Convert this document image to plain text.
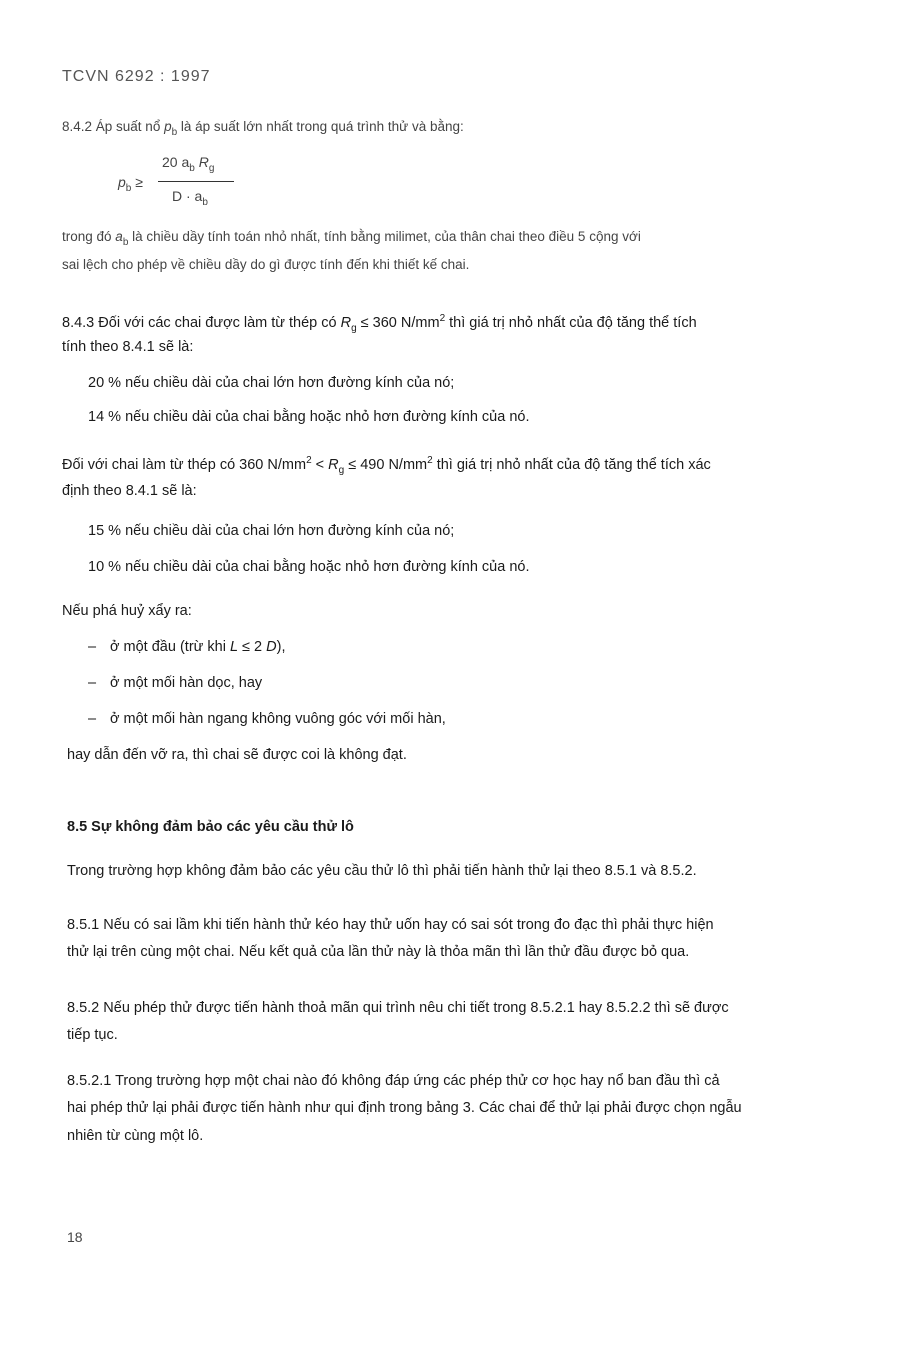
TCVN 6292 : 1997
8.4.2 Áp suất nổ $p_b$ là áp suất lớn nhất trong quá trình thử và bằng:
$p_b$ ≥
20 $a_b$ $R_g$
$D \cdot a_b$
trong đó $a_b$ là chiều dầy tính toán nhỏ nhất, tính bằng milimet, của thân chai theo điều 5 cộng với
sai lệch cho phép về chiều dầy do gì được tính đến khi thiết kế chai.
8.4.3 Đối với các chai được làm từ thép có $R_g \le 360$ $N/mm^2$ thì giá trị nhỏ nhất của độ tăng thể tích
tính theo 8.4.1 sẽ là:
20 % nếu chiều dài của chai lớn hơn đường kính của nó;
14 % nếu chiều dài của chai bằng hoặc nhỏ hơn đường kính của nó.
Đối với chai làm từ thép có 360 $N/mm^2 < R_g \le 490$ $N/mm^2$ thì giá trị nhỏ nhất của độ tăng thể tích xác
định theo 8.4.1 sẽ là:
15 % nếu chiều dài của chai lớn hơn đường kính của nó;
10 % nếu chiều dài của chai bằng hoặc nhỏ hơn đường kính của nó.
Nếu phá huỷ xẩy ra:
– ở một đầu (trừ khi L ≤ 2 D),
– ở một mối hàn dọc, hay
– ở một mối hàn ngang không vuông góc với mối hàn,
hay dẫn đến vỡ ra, thì chai sẽ được coi là không đạt.
8.5 Sự không đảm bảo các yêu cầu thử lô
Trong trường hợp không đảm bảo các yêu cầu thử lô thì phải tiến hành thử lại theo 8.5.1 và 8.5.2.
8.5.1 Nếu có sai lầm khi tiến hành thử kéo hay thử uốn hay có sai sót trong đo đạc thì phải thực hiện
thử lại trên cùng một chai. Nếu kết quả của lần thử này là thỏa mãn thì lần thử đầu được bỏ qua.
8.5.2 Nếu phép thử được tiến hành thoả mãn qui trình nêu chi tiết trong 8.5.2.1 hay 8.5.2.2 thì sẽ được
tiếp tục.
8.5.2.1 Trong trường hợp một chai nào đó không đáp ứng các phép thử cơ học hay nổ ban đầu thì cả
hai phép thử lại phải được tiến hành như qui định trong bảng 3. Các chai để thử lại phải được chọn ngẫu
nhiên từ cùng một lô.
18
